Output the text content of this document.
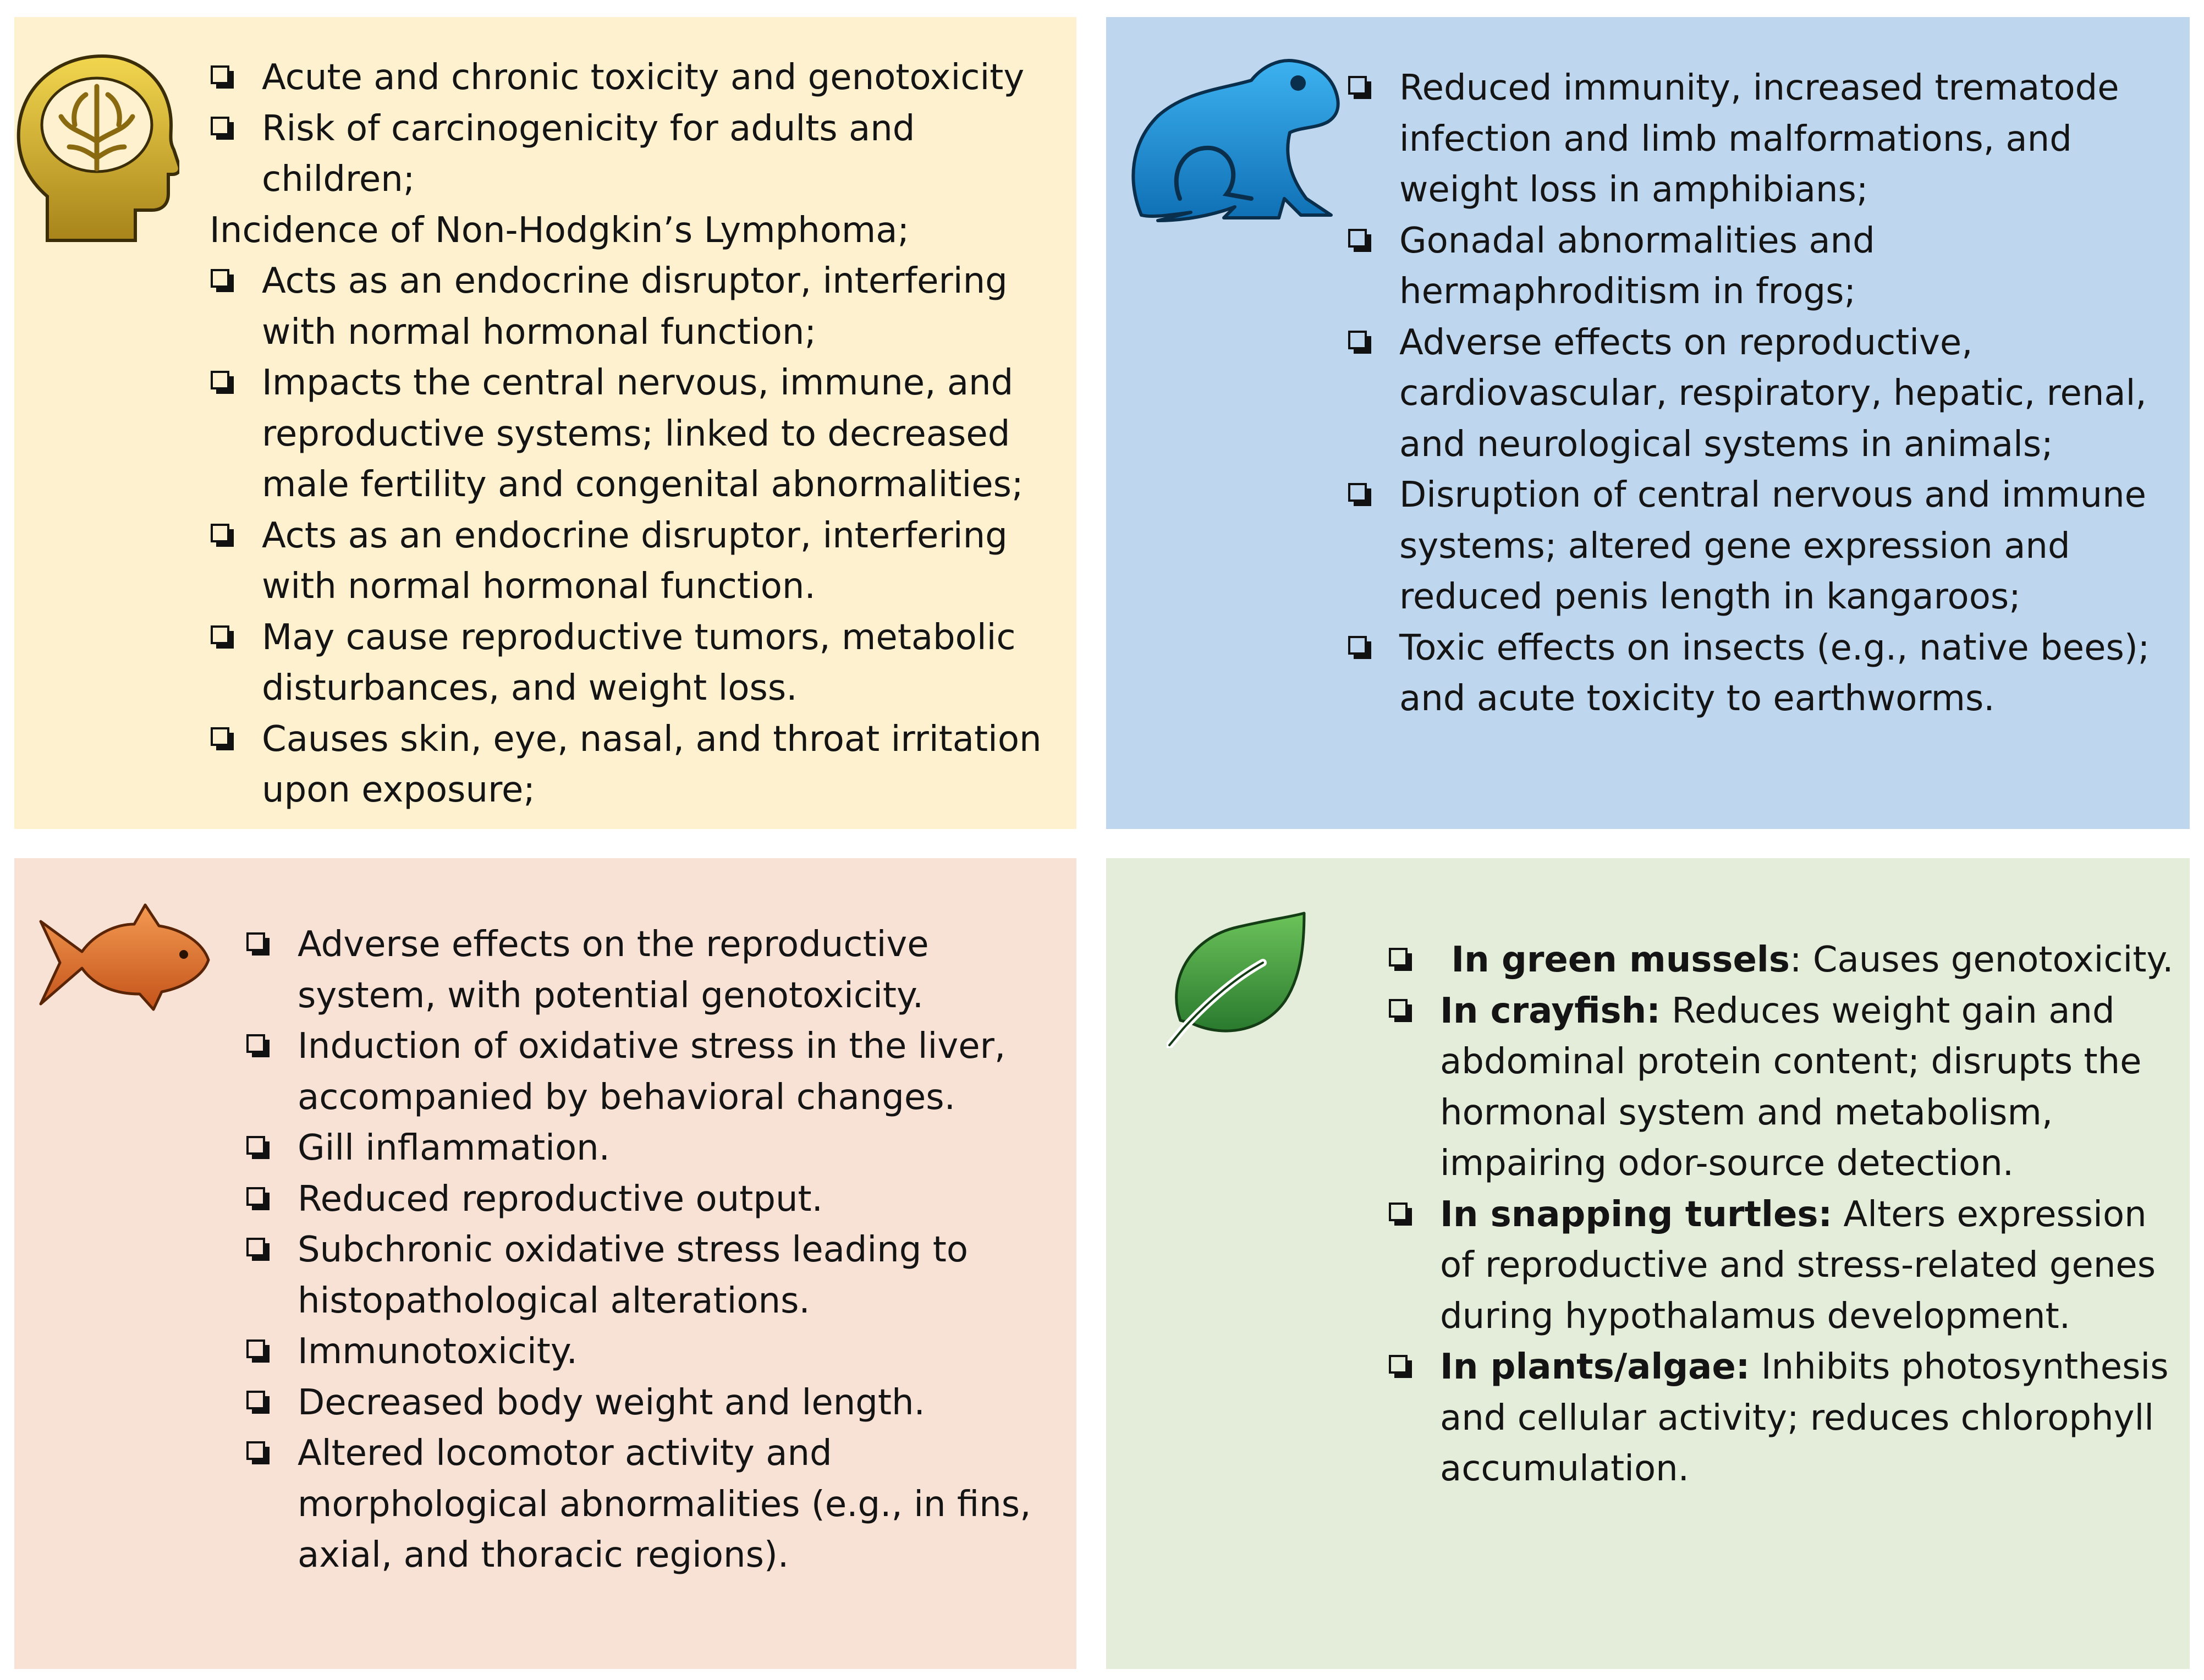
Acute and chronic toxicity and genotoxicity
Risk of carcinogenicity for adults and children;
Incidence of Non-Hodgkin’s Lymphoma;
Acts as an endocrine disruptor, interfering with normal hormonal function;
Impacts the central nervous, immune, and reproductive systems; linked to decreased male fertility and congenital abnormalities;
Acts as an endocrine disruptor, interfering with normal hormonal function.
May cause reproductive tumors, metabolic disturbances, and weight loss.
Causes skin, eye, nasal, and throat irritation upon exposure;
Reduced immunity, increased trematode infection and limb malformations, and weight loss in amphibians;
Gonadal abnormalities and hermaphroditism in frogs;
Adverse effects on reproductive, cardiovascular, respiratory, hepatic, renal, and neurological systems in animals;
Disruption of central nervous and immune systems; altered gene expression and reduced penis length in kangaroos;
Toxic effects on insects (e.g., native bees); and acute toxicity to earthworms.
Adverse effects on the reproductive system, with potential genotoxicity.
Induction of oxidative stress in the liver, accompanied by behavioral changes.
Gill inflammation.
Reduced reproductive output.
Subchronic oxidative stress leading to histopathological alterations.
Immunotoxicity.
Decreased body weight and length.
Altered locomotor activity and morphological abnormalities (e.g., in fins, axial, and thoracic regions).
In green mussels: Causes genotoxicity.
In crayfish: Reduces weight gain and abdominal protein content; disrupts the hormonal system and metabolism, impairing odor-source detection.
In snapping turtles: Alters expression of reproductive and stress-related genes during hypothalamus development.
In plants/algae: Inhibits photosynthesis and cellular activity; reduces chlorophyll accumulation.
